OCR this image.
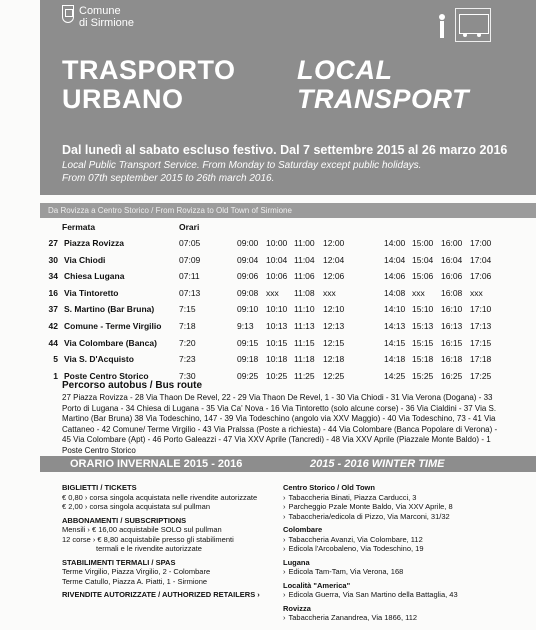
Comune
di Sirmione
TRASPORTO
URBANO
LOCAL
TRANSPORT
Dal lunedì al sabato escluso festivo. Dal 7 settembre 2015 al 26 marzo 2016
Local Public Transport Service. From Monday to Saturday except public holidays.
From 07th september 2015 to 26th march 2016.
Da Rovizza a Centro Storico / From Rovizza to Old Town of Sirmione
Fermata	Orari
27 Piazza Rovizza	07:05	09:00 10:00 11:00 12:00	14:00 15:00 16:00 17:00
30 Via Chiodi	07:09	09:04 10:04 11:04 12:04	14:04 15:04 16:04 17:04
34 Chiesa Lugana	07:11	09:06 10:06 11:06 12:06	14:06 15:06 16:06 17:06
16 Via Tintoretto	07:13	09:08 xxx 11:08 xxx	14:08 xxx 16:08 xxx
37 S. Martino (Bar Bruna)	7:15	09:10 10:10 11:10 12:10	14:10 15:10 16:10 17:10
42 Comune - Terme Virgilio 7:18	9:13 10:13 11:13 12:13	14:13 15:13 16:13 17:13
44 Via Colombare (Banca)	7:20	09:15 10:15 11:15 12:15	14:15 15:15 16:15 17:15
5 Via S. D'Acquisto	7:23	09:18 10:18 11:18 12:18	14:18 15:18 16:18 17:18
1 Poste Centro Storico	7:30	09:25 10:25 11:25 12:25	14:25 15:25 16:25 17:25
Percorso autobus / Bus route
27 Piazza Rovizza - 28 Via Thaon De Revel, 22 - 29 Via Thaon De Revel, 1 - 30 Via Chiodi - 31 Via Verona (Dogana) - 33 Porto di Lugana - 34 Chiesa di Lugana - 35 Via Ca' Nova - 16 Via Tintoretto (solo alcune corse) - 36 Via Cialdini - 37 Via S. Martino (Bar Bruna) 38 Via Todeschino, 147 - 39 Via Todeschino (angolo via XXV Maggio) - 40 Via Todeschino, 73 - 41 Via Cattaneo - 42 Comune/ Terme Virgilio - 43 Via Pralssa (Poste a richiesta) - 44 Via Colombare (Banca Popolare di Verona) - 45 Via Colombare (Apt) - 46 Porto Galeazzi - 47 Via XXV Aprile (Tancredi) - 48 Via XXV Aprile (Piazzale Monte Baldo) - 1 Poste Centro Storico
ORARIO INVERNALE 2015 - 2016	2015 - 2016 WINTER TIME
BIGLIETTI / TICKETS
€ 0,80 › corsa singola acquistata nelle rivendite autorizzate
€ 2,00 › corsa singola acquistata sul pullman
ABBONAMENTI / SUBSCRIPTIONS
Mensili › € 16,00 acquistabile SOLO sul pullman
12 corse › € 8,80 acquistabile presso gli stabilimenti
termali e le rivendite autorizzate
STABILIMENTI TERMALI / SPAS
Terme Virgilio, Piazza Virgilio, 2 - Colombare
Terme Catullo, Piazza A. Piatti, 1 - Sirmione
RIVENDITE AUTORIZZATE / AUTHORIZED RETAILERS ›
Centro Storico / Old Town
› Tabaccheria Binati, Piazza Carducci, 3
› Parcheggio Pzale Monte Baldo, Via XXV Aprile, 8
› Tabaccheria/edicola di Pizzo, Via Marconi, 31/32
Colombare
› Tabaccheria Avanzi, Via Colombare, 112
› Edicola l'Arcobaleno, Via Todeschino, 19
Lugana
› Edicola Tam-Tam, Via Verona, 168
Località "America"
› Edicola Guerra, Via San Martino della Battaglia, 43
Rovizza
› Tabaccheria Zanandrea, Via 1866, 112
